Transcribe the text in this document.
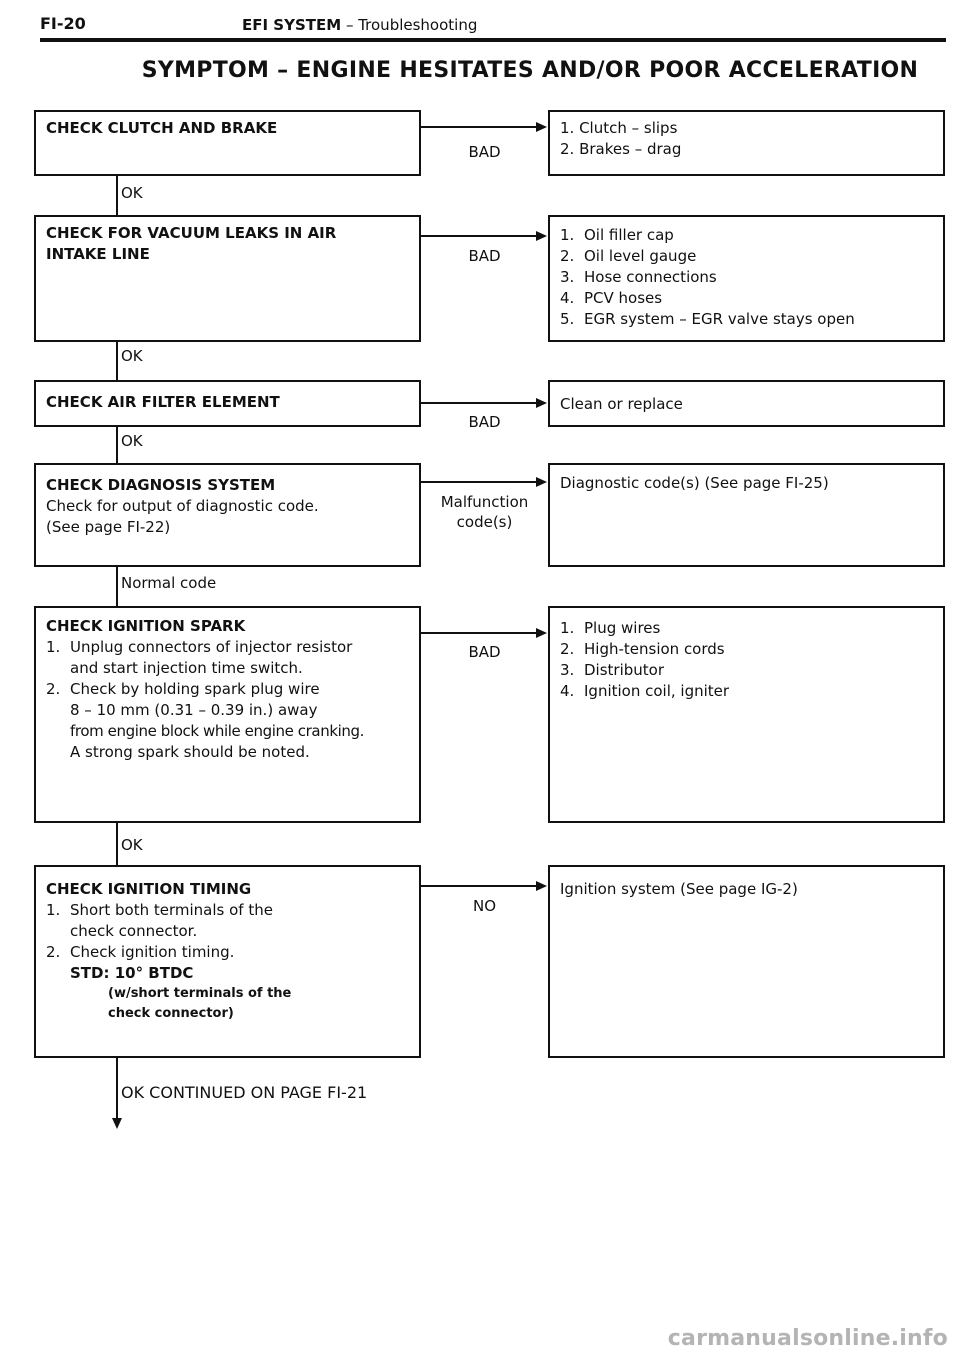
FI-20	EFI SYSTEM – Troubleshooting
SYMPTOM – ENGINE HESITATES AND/OR POOR ACCELERATION
CHECK CLUTCH AND BRAKE
BAD
1. Clutch – slips
2. Brakes – drag
OK
CHECK FOR VACUUM LEAKS IN AIR
INTAKE LINE	BAD
1. Oil filler cap
2. Oil level gauge
3. Hose connections
4. PCV hoses
5. EGR system – EGR valve stays open
OK
CHECK AIR FILTER ELEMENT
BAD
Clean or replace
OK
CHECK DIAGNOSIS SYSTEM
Check for output of diagnostic code.
(See page FI-22)
Malfunction
code(s)
Diagnostic code(s) (See page FI-25)
Normal code
CHECK IGNITION SPARK
1. Unplug connectors of injector resistor
and start injection time switch.
2. Check by holding spark plug wire
8 – 10 mm (0.31 – 0.39 in.) away
from engine block while engine cranking.
A strong spark should be noted.
BAD
1. Plug wires
2. High-tension cords
3. Distributor
4. Ignition coil, igniter
OK
CHECK IGNITION TIMING
1. Short both terminals of the
check connector.
2. Check ignition timing.
STD: 10° BTDC
(w/short terminals of the
check connector)
NO
Ignition system (See page IG-2)
OK CONTINUED ON PAGE FI-21
carmanualsonline.info
